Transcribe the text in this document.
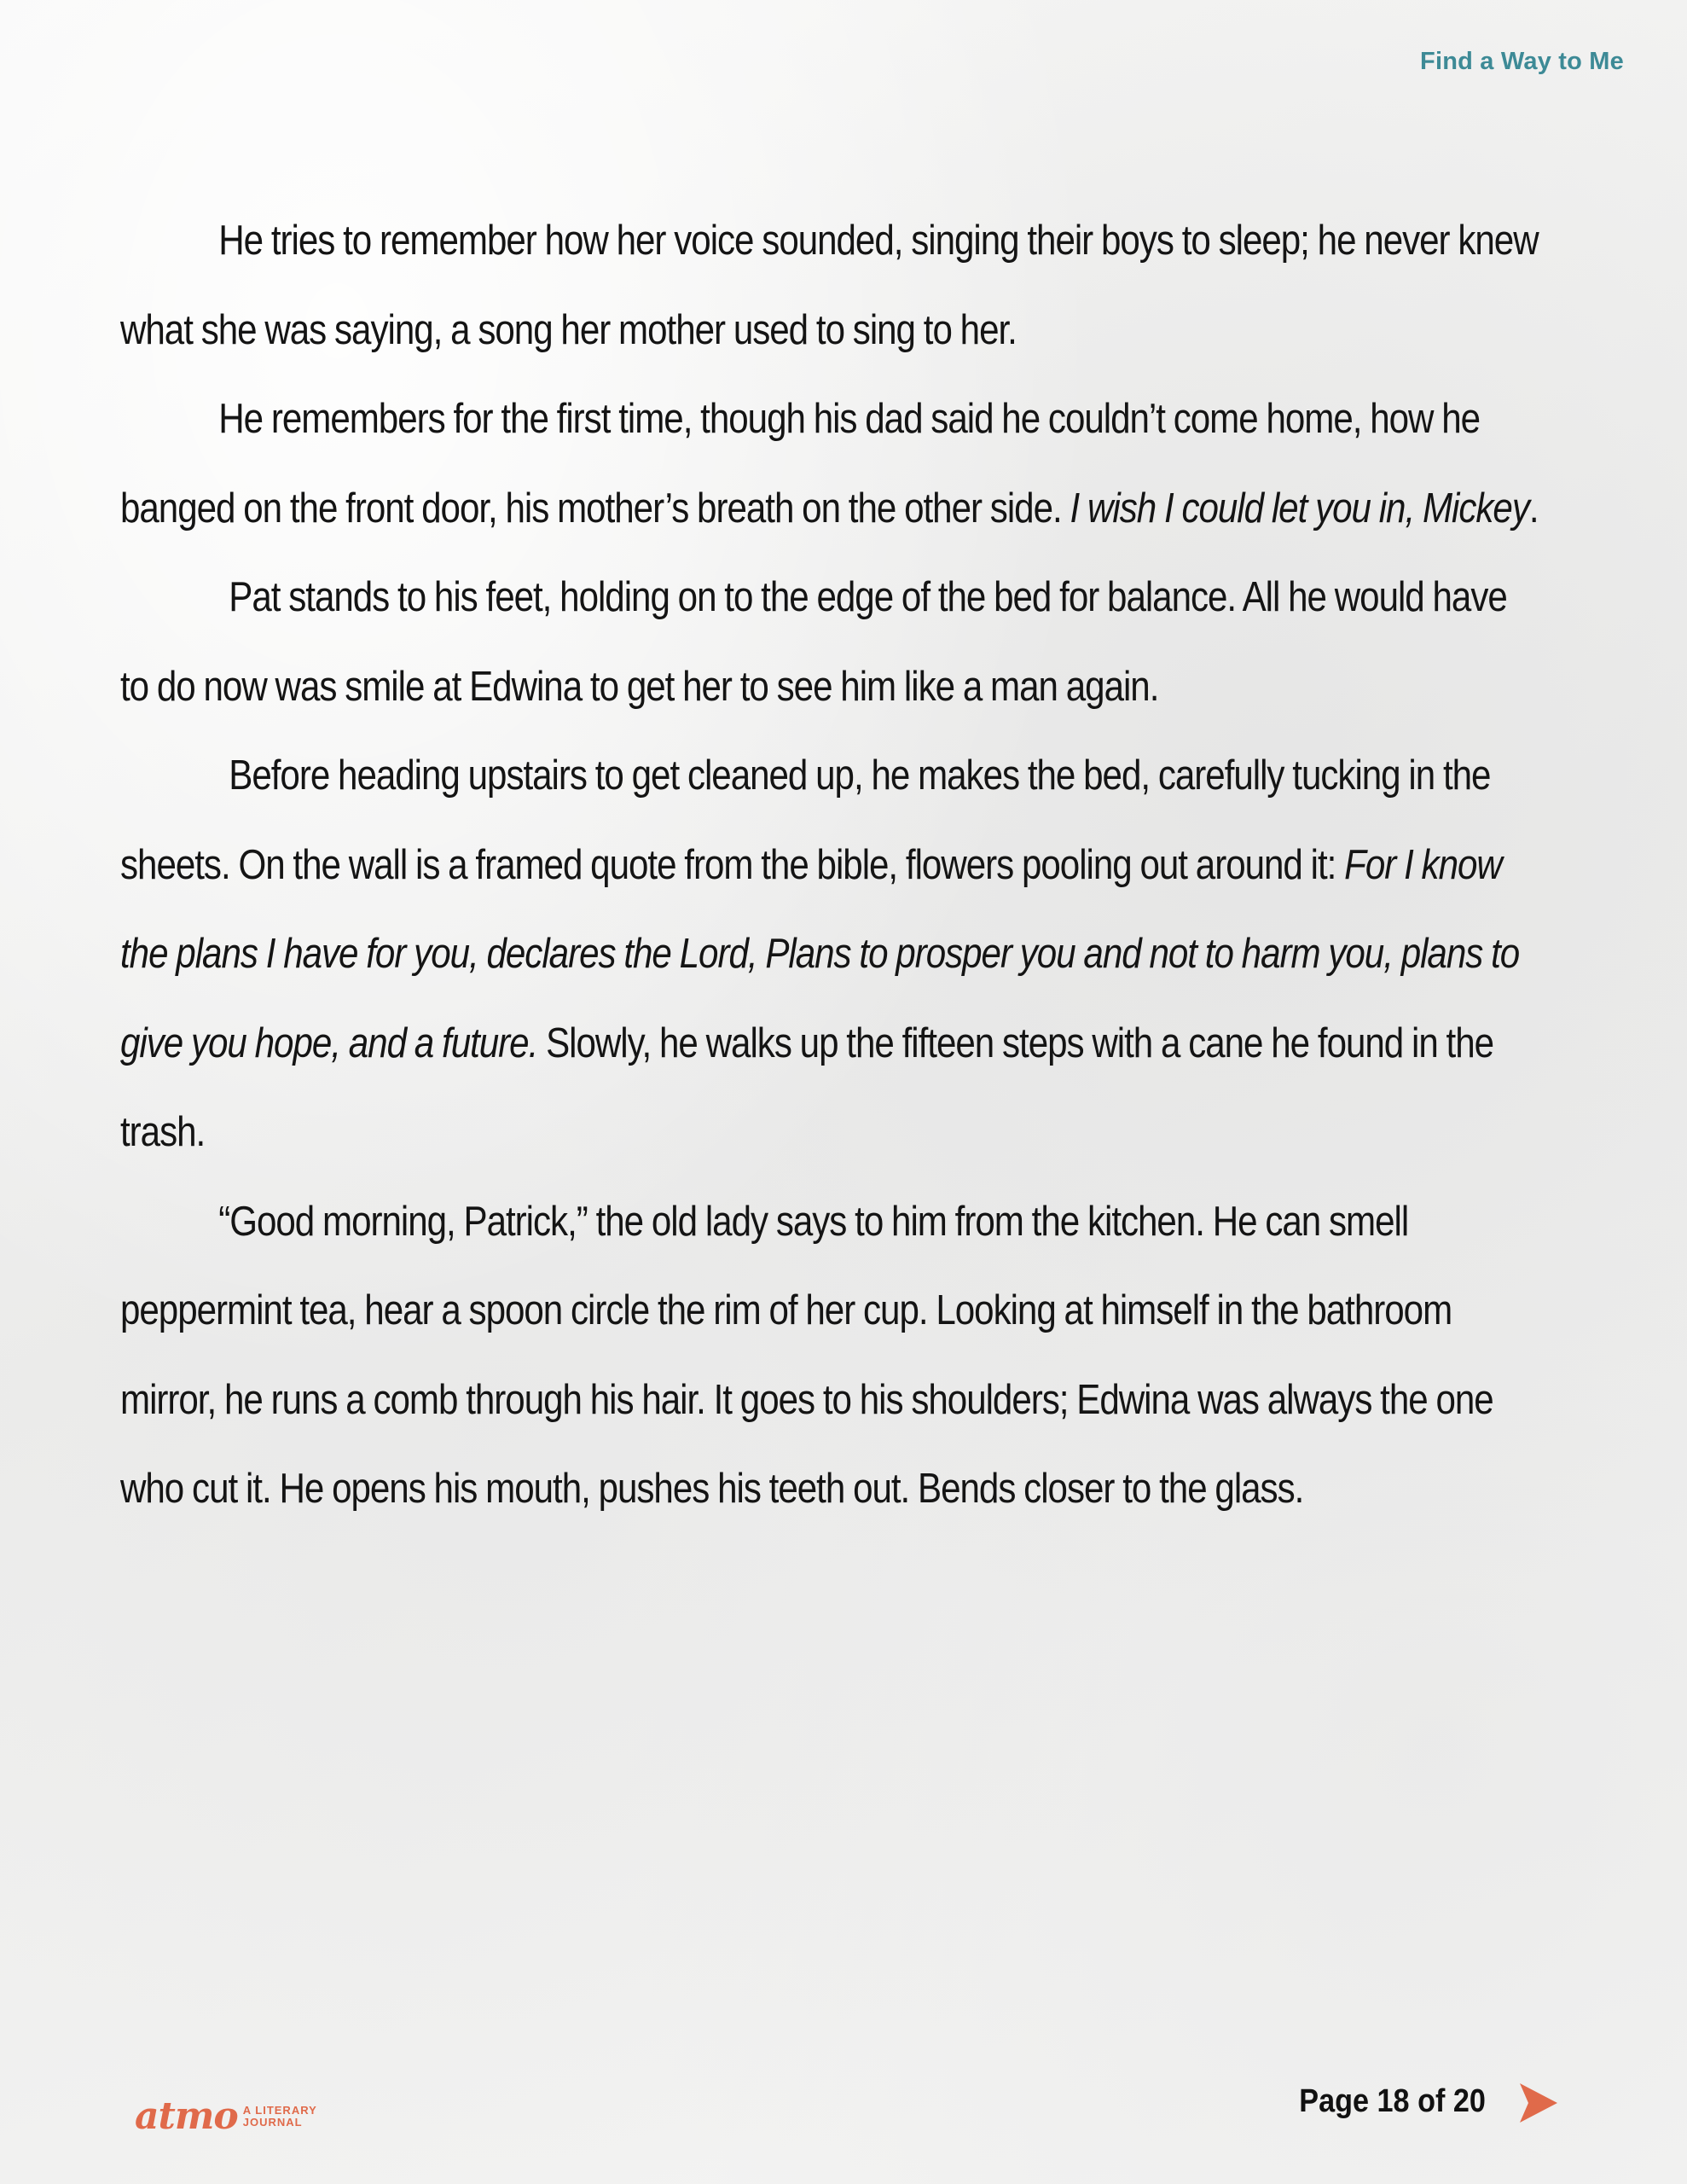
Find a Way to Me

He tries to remember how her voice sounded, singing their boys to sleep; he never knew what she was saying, a song her mother used to sing to her.

He remembers for the first time, though his dad said he couldn’t come home, how he banged on the front door, his mother’s breath on the other side. I wish I could let you in, Mickey.

Pat stands to his feet, holding on to the edge of the bed for balance. All he would have to do now was smile at Edwina to get her to see him like a man again.

Before heading upstairs to get cleaned up, he makes the bed, carefully tucking in the sheets. On the wall is a framed quote from the bible, flowers pooling out around it: For I know the plans I have for you, declares the Lord, Plans to prosper you and not to harm you, plans to give you hope, and a future. Slowly, he walks up the fifteen steps with a cane he found in the trash.

“Good morning, Patrick,” the old lady says to him from the kitchen. He can smell peppermint tea, hear a spoon circle the rim of her cup. Looking at himself in the bathroom mirror, he runs a comb through his hair. It goes to his shoulders; Edwina was always the one who cut it. He opens his mouth, pushes his teeth out. Bends closer to the glass.

atmo A LITERARY
JOURNAL
Page 18 of 20
